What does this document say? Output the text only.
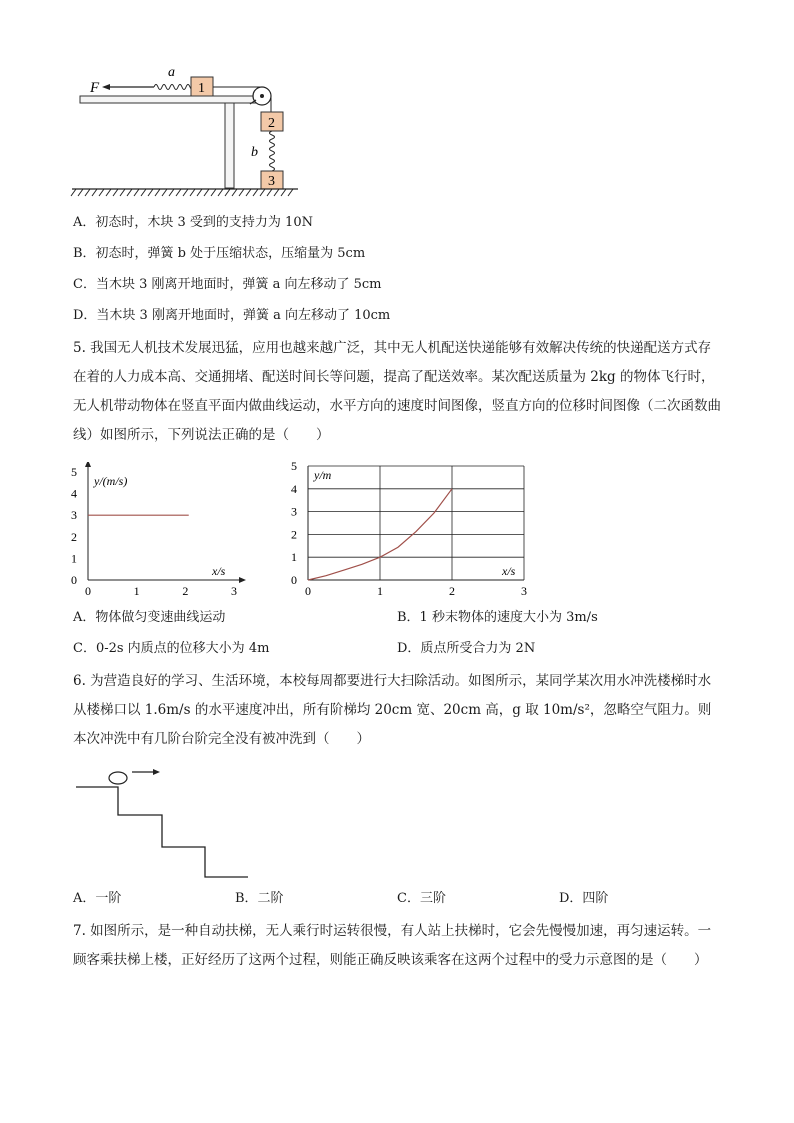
F
a
1
2
b
3
A．初态时，木块 3 受到的支持力为 10N
B．初态时，弹簧 b 处于压缩状态，压缩量为 5cm
C．当木块 3 刚离开地面时，弹簧 a 向左移动了 5cm
D．当木块 3 刚离开地面时，弹簧 a 向左移动了 10cm
5. 我国无人机技术发展迅猛，应用也越来越广泛，其中无人机配送快递能够有效解决传统的快递配送方式存在着的人力成本高、交通拥堵、配送时间长等问题，提高了配送效率。某次配送质量为 2kg 的物体飞行时，无人机带动物体在竖直平面内做曲线运动，水平方向的速度时间图像，竖直方向的位移时间图像（二次函数曲线）如图所示，下列说法正确的是（　　）
0	1	2	3
0
1
2
3
4
5
y/(m/s)
x/s
0	1	2	3
0
1
2
3
4
5
y/m
x/s
A．物体做匀变速曲线运动	B．1 秒末物体的速度大小为 3m/s
C．0-2s 内质点的位移大小为 4m	D．质点所受合力为 2N
6. 为营造良好的学习、生活环境，本校每周都要进行大扫除活动。如图所示，某同学某次用水冲洗楼梯时水从楼梯口以 1.6m/s 的水平速度冲出，所有阶梯均 20cm 宽、20cm 高，g 取 10m/s²，忽略空气阻力。则本次冲洗中有几阶台阶完全没有被冲洗到（　　）
A．一阶	B．二阶	C．三阶	D．四阶
7. 如图所示，是一种自动扶梯，无人乘行时运转很慢，有人站上扶梯时，它会先慢慢加速，再匀速运转。一顾客乘扶梯上楼，正好经历了这两个过程，则能正确反映该乘客在这两个过程中的受力示意图的是（　　）
